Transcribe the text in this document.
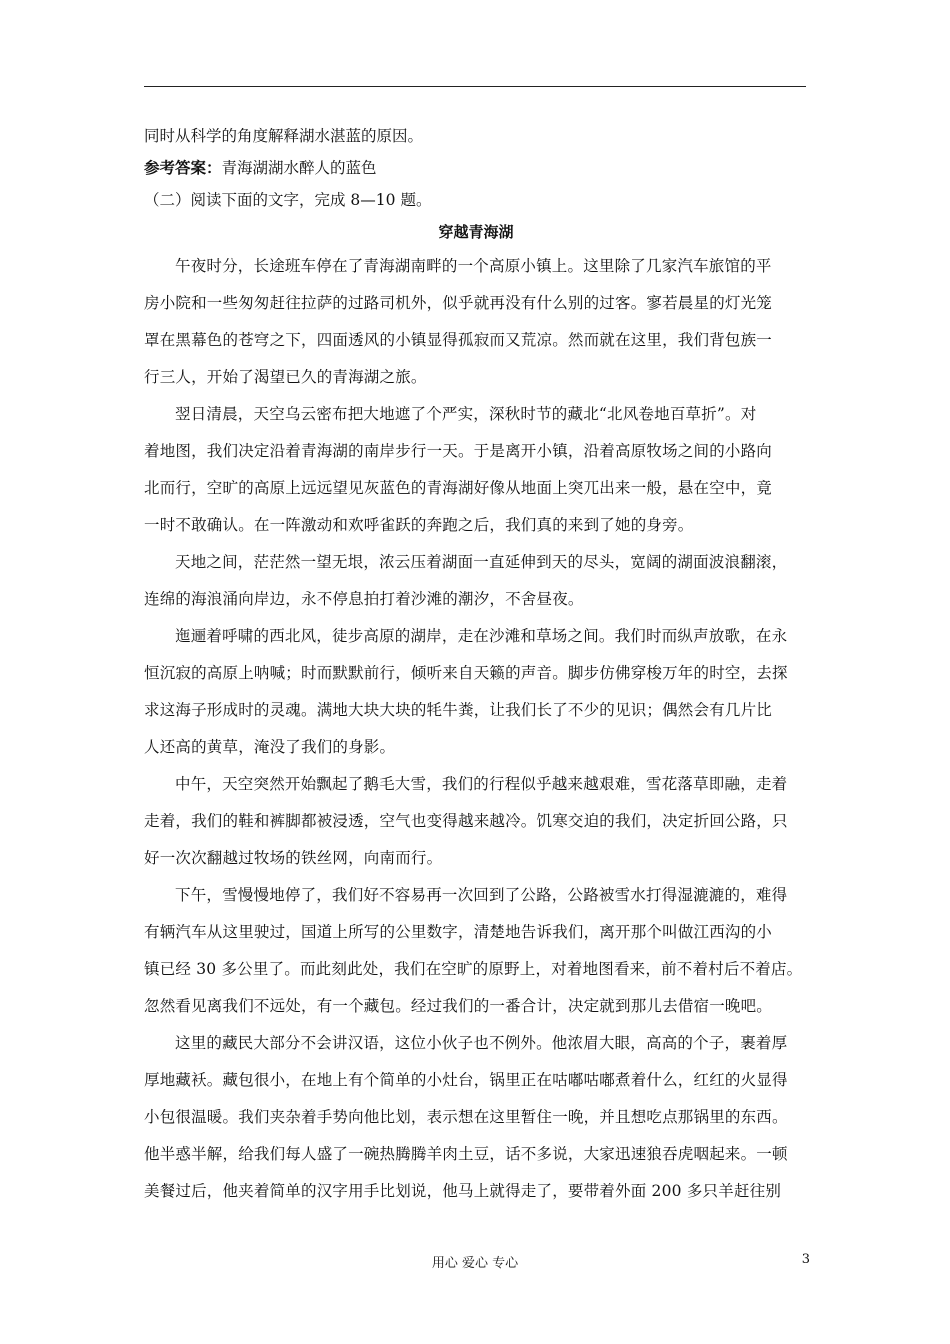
同时从科学的角度解释湖水湛蓝的原因。
参考答案：青海湖湖水醉人的蓝色
（二）阅读下面的文字，完成 8—10 题。
穿越青海湖
午夜时分，长途班车停在了青海湖南畔的一个高原小镇上。这里除了几家汽车旅馆的平
房小院和一些匆匆赶往拉萨的过路司机外，似乎就再没有什么别的过客。寥若晨星的灯光笼
罩在黑幕色的苍穹之下，四面透风的小镇显得孤寂而又荒凉。然而就在这里，我们背包族一
行三人，开始了渴望已久的青海湖之旅。
翌日清晨，天空乌云密布把大地遮了个严实，深秋时节的藏北“北风卷地百草折”。对
着地图，我们决定沿着青海湖的南岸步行一天。于是离开小镇，沿着高原牧场之间的小路向
北而行，空旷的高原上远远望见灰蓝色的青海湖好像从地面上突兀出来一般，悬在空中，竟
一时不敢确认。在一阵激动和欢呼雀跃的奔跑之后，我们真的来到了她的身旁。
天地之间，茫茫然一望无垠，浓云压着湖面一直延伸到天的尽头，宽阔的湖面波浪翻滚，
连绵的海浪涌向岸边，永不停息拍打着沙滩的潮汐，不舍昼夜。
迤逦着呼啸的西北风，徒步高原的湖岸，走在沙滩和草场之间。我们时而纵声放歌，在永
恒沉寂的高原上呐喊；时而默默前行，倾听来自天籁的声音。脚步仿佛穿梭万年的时空，去探
求这海子形成时的灵魂。满地大块大块的牦牛粪，让我们长了不少的见识；偶然会有几片比
人还高的黄草，淹没了我们的身影。
中午，天空突然开始飘起了鹅毛大雪，我们的行程似乎越来越艰难，雪花落草即融，走着
走着，我们的鞋和裤脚都被浸透，空气也变得越来越冷。饥寒交迫的我们，决定折回公路，只
好一次次翻越过牧场的铁丝网，向南而行。
下午，雪慢慢地停了，我们好不容易再一次回到了公路，公路被雪水打得湿漉漉的，难得
有辆汽车从这里驶过，国道上所写的公里数字，清楚地告诉我们，离开那个叫做江西沟的小
镇已经 30 多公里了。而此刻此处，我们在空旷的原野上，对着地图看来，前不着村后不着店。
忽然看见离我们不远处，有一个藏包。经过我们的一番合计，决定就到那儿去借宿一晚吧。
这里的藏民大部分不会讲汉语，这位小伙子也不例外。他浓眉大眼，高高的个子，裹着厚
厚地藏袄。藏包很小，在地上有个简单的小灶台，锅里正在咕嘟咕嘟煮着什么，红红的火显得
小包很温暖。我们夹杂着手势向他比划，表示想在这里暂住一晚，并且想吃点那锅里的东西。
他半惑半解，给我们每人盛了一碗热腾腾羊肉土豆，话不多说，大家迅速狼吞虎咽起来。一顿
美餐过后，他夹着简单的汉字用手比划说，他马上就得走了，要带着外面 200 多只羊赶往别
用心 爱心 专心	3
